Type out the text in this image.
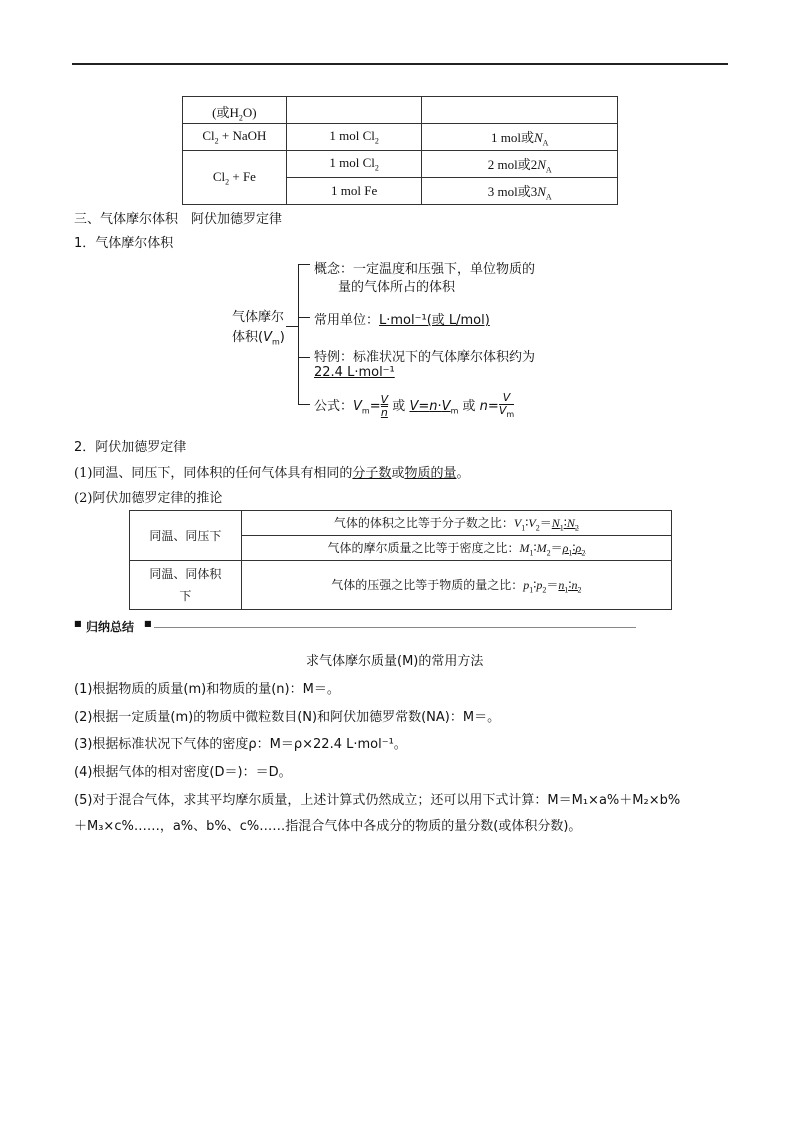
(或$H_2O$)		
$Cl_2$ + NaOH	1 mol $Cl_2$	1 mol或$N_A$
$Cl_2 + Fe$	1 mol $Cl_2$	2 mol或$2N_A$
	1 mol Fe	3 mol或$3N_A$
三、气体摩尔体积　阿伏加德罗定律
1．气体摩尔体积
气体摩尔
体积$(V_m)$
概念：一定温度和压强下，单位物质的
量的气体所占的体积
常用单位：L·mol⁻¹(或 L/mol)
特例：标准状况下的气体摩尔体积约为
22.4 L·mol⁻¹
公式：$V_m= \frac{V}{n}$ 或 $V=n\cdot V_m$ 或 $n= \frac{V}{V_m}$
2．阿伏加德罗定律
(1)同温、同压下，同体积的任何气体具有相同的分子数或物质的量。
(2)阿伏加德罗定律的推论
同温、同压下	气体的体积之比等于分子数之比：$V_1∶V_2=N_1∶N_2$
	气体的摩尔质量之比等于密度之比：$M_1∶M_2=\rho_1∶\rho_2$
同温、同体积
下	气体的压强之比等于物质的量之比：$p_1∶p_2=n_1∶n_2$
■ 归纳总结 ■
求气体摩尔质量(M)的常用方法
(1)根据物质的质量(m)和物质的量(n)：M＝。
(2)根据一定质量(m)的物质中微粒数目(N)和阿伏加德罗常数(NA)：M＝。
(3)根据标准状况下气体的密度ρ：M＝ρ×22.4 L·mol⁻¹。
(4)根据气体的相对密度(D＝)：＝D。
(5)对于混合气体，求其平均摩尔质量，上述计算式仍然成立；还可以用下式计算：M＝M₁×a%＋M₂×b%
＋M₃×c%……，a%、b%、c%……指混合气体中各成分的物质的量分数(或体积分数)。
